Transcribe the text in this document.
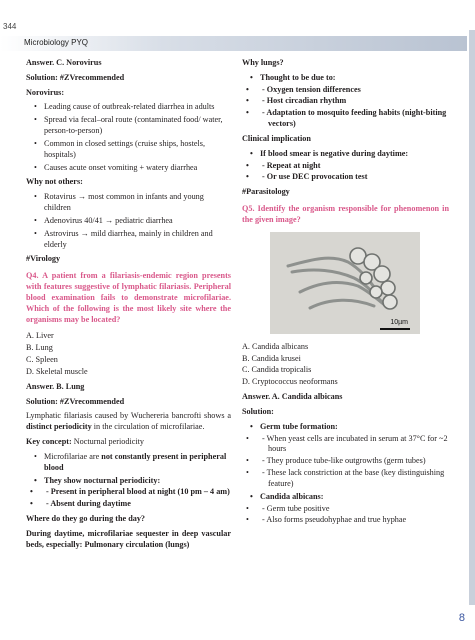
344
Microbiology PYQ

Answer. C. Norovirus

Solution: #ZVrecommended

Norovirus:

• Leading cause of outbreak-related diarrhea in adults
• Spread via fecal–oral route (contaminated food/ water, person-to-person)
• Common in closed settings (cruise ships, hostels, hospitals)
• Causes acute onset vomiting + watery diarrhea

Why not others:

• Rotavirus → most common in infants and young children
• Adenovirus 40/41 → pediatric diarrhea
• Astrovirus → mild diarrhea, mainly in children and elderly

#Virology

Q4. A patient from a filariasis-endemic region presents with features suggestive of lymphatic filariasis. Peripheral blood examination fails to demonstrate microfilariae. Which of the following is the most likely site where the organisms may be located?

A. Liver
B. Lung
C. Spleen
D. Skeletal muscle

Answer. B. Lung

Solution: #ZVrecommended

Lymphatic filariasis caused by Wuchereria bancrofti shows a distinct periodicity in the circulation of microfilariae.

Key concept: Nocturnal periodicity

• Microfilariae are not constantly present in peripheral blood
• They show nocturnal periodicity:
• - Present in peripheral blood at night (10 pm – 4 am)
• - Absent during daytime

Where do they go during the day?

During daytime, microfilariae sequester in deep vascular beds, especially: Pulmonary circulation (lungs)

Why lungs?

• Thought to be due to:
• - Oxygen tension differences
• - Host circadian rhythm
• - Adaptation to mosquito feeding habits (night-biting vectors)

Clinical implication

• If blood smear is negative during daytime:
• - Repeat at night
• - Or use DEC provocation test

#Parasitology

Q5. Identify the organism responsible for phenomenon in the given image?

10µm
A. Candida albicans
B. Candida krusei
C. Candida tropicalis
D. Cryptococcus neoformans

Answer. A. Candida albicans

Solution:

• Germ tube formation:
• - When yeast cells are incubated in serum at 37°C for ~2 hours
• - They produce tube-like outgrowths (germ tubes)
• - These lack constriction at the base (key distinguishing feature)
• Candida albicans:
• - Germ tube positive
• - Also forms pseudohyphae and true hyphae
8
